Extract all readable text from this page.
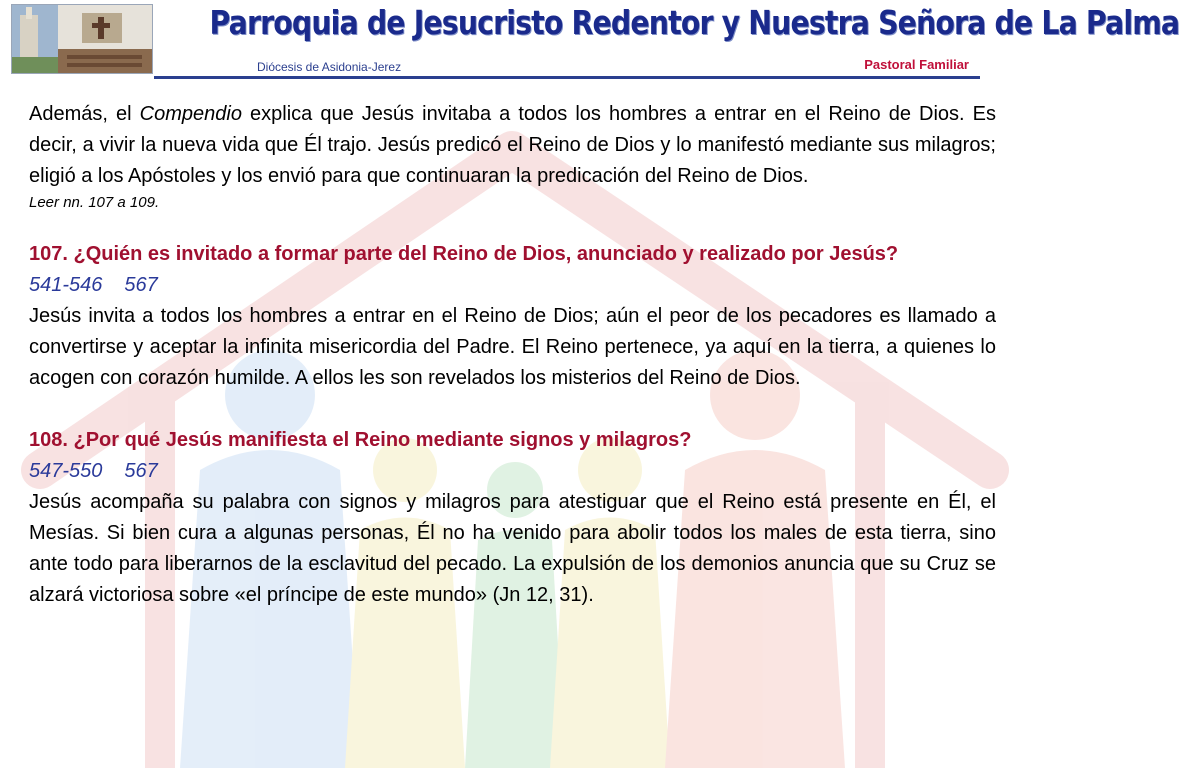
Parroquia de Jesucristo Redentor y Nuestra Señora de La Palma
Diócesis de Asidonia-Jerez	Pastoral Familiar

Además, el Compendio explica que Jesús invitaba a todos los hombres a entrar en el Reino de Dios. Es decir, a vivir la nueva vida que Él trajo. Jesús predicó el Reino de Dios y lo manifestó mediante sus milagros; eligió a los Apóstoles y los envió para que continuaran la predicación del Reino de Dios.

Leer nn. 107 a 109.

107. ¿Quién es invitado a formar parte del Reino de Dios, anunciado y realizado por Jesús?

541-546 567

Jesús invita a todos los hombres a entrar en el Reino de Dios; aún el peor de los pecadores es llamado a convertirse y aceptar la infinita misericordia del Padre. El Reino pertenece, ya aquí en la tierra, a quienes lo acogen con corazón humilde. A ellos les son revelados los misterios del Reino de Dios.

108. ¿Por qué Jesús manifiesta el Reino mediante signos y milagros?

547-550 567

Jesús acompaña su palabra con signos y milagros para atestiguar que el Reino está presente en Él, el Mesías. Si bien cura a algunas personas, Él no ha venido para abolir todos los males de esta tierra, sino ante todo para liberarnos de la esclavitud del pecado. La expulsión de los demonios anuncia que su Cruz se alzará victoriosa sobre «el príncipe de este mundo» (Jn 12, 31).
